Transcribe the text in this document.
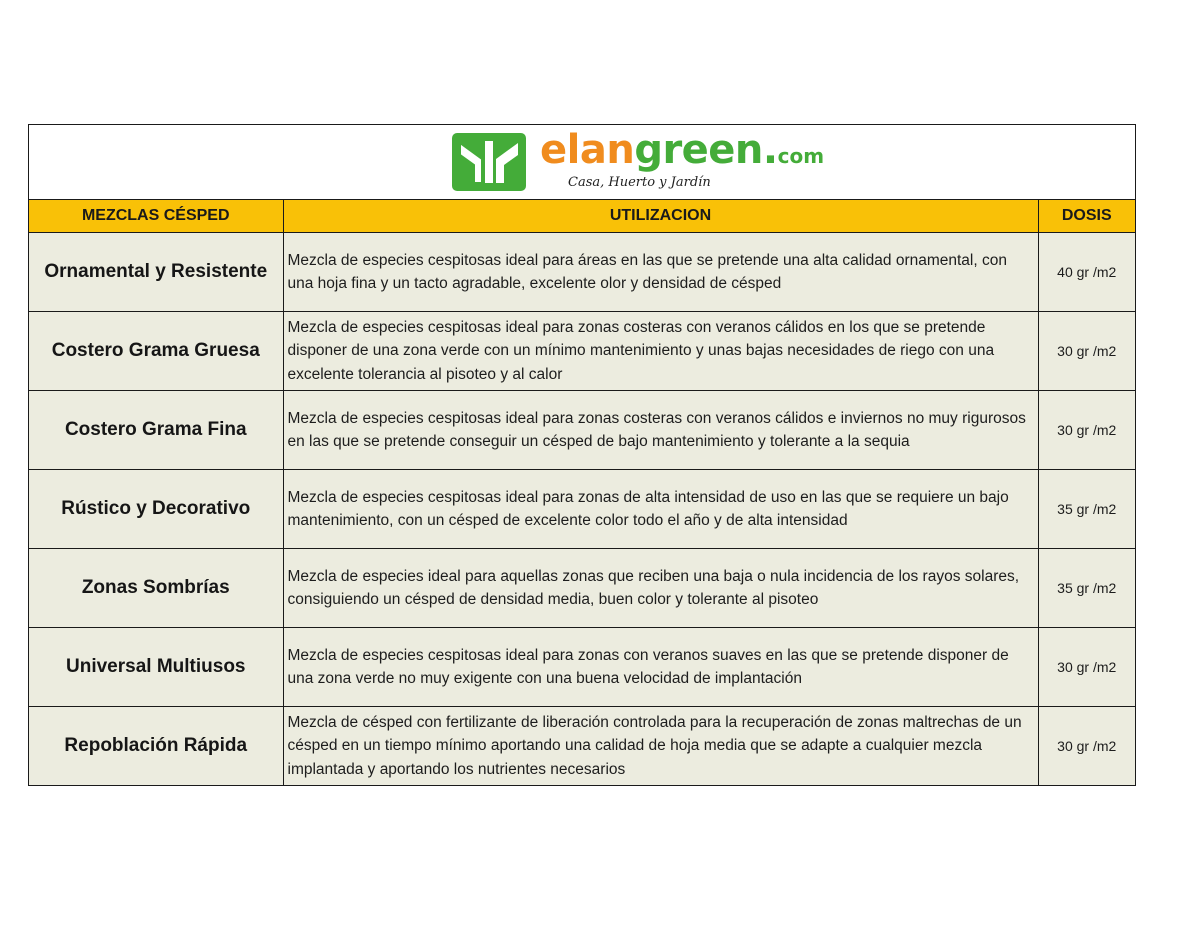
elangreen.com
Casa, Huerto y Jardín
MEZCLAS CÉSPED	UTILIZACION	DOSIS
Ornamental y Resistente	Mezcla de especies cespitosas ideal para áreas en las que se pretende una alta calidad ornamental, con una hoja fina y un tacto agradable, excelente olor y densidad de césped	40 gr /m2
Costero Grama Gruesa	Mezcla de especies cespitosas ideal para zonas costeras con veranos cálidos en los que se pretende disponer de una zona verde con un mínimo mantenimiento y unas bajas necesidades de riego con una excelente tolerancia al pisoteo y al calor	30 gr /m2
Costero Grama Fina	Mezcla de especies cespitosas ideal para zonas costeras con veranos cálidos e inviernos no muy rigurosos en las que se pretende conseguir un césped de bajo mantenimiento y tolerante a la sequia	30 gr /m2
Rústico y Decorativo	Mezcla de especies cespitosas ideal para zonas de alta intensidad de uso en las que se requiere un bajo mantenimiento, con un césped de excelente color todo el año y de alta intensidad	35 gr /m2
Zonas Sombrías	Mezcla de especies ideal para aquellas zonas que reciben una baja o nula incidencia de los rayos solares, consiguiendo un césped de densidad media, buen color y tolerante al pisoteo	35 gr /m2
Universal Multiusos	Mezcla de especies cespitosas ideal para zonas con veranos suaves en las que se pretende disponer de una zona verde no muy exigente con una buena velocidad de implantación	30 gr /m2
Repoblación Rápida	Mezcla de césped con fertilizante de liberación controlada para la recuperación de zonas maltrechas de un césped en un tiempo mínimo aportando una calidad de hoja media que se adapte a cualquier mezcla implantada y aportando los nutrientes necesarios	30 gr /m2
